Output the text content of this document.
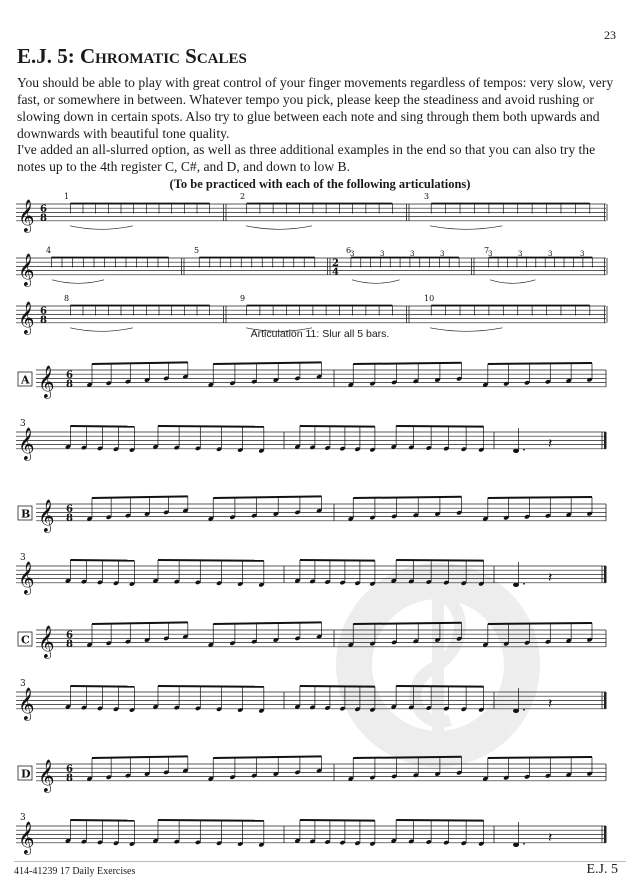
23
E.J. 5: Chromatic Scales
You should be able to play with great control of your finger movements regardless of tempos: very slow, very fast, or somewhere in between. Whatever tempo you pick, please keep the steadiness and avoid rushing or slowing down in certain spots. Also try to glue between each note and sing through them both upwards and downwards with beautiful tone quality.
I've added an all-slurred option, as well as three additional examples in the end so that you can also try the notes up to the 4th register C, C#, and D, and down to low B.
(To be practiced with each of the following articulations)
Articulation 11: Slur all 5 bars.
𝄞 6
8
1	2	3
𝄞
4	5	6	7
2
4
3	3	3	3	3	3	3	3
𝄞 6
8
8	9	10
A 𝄞 6
8
3
𝄞	𝄽
B 𝄞 6
8
3
𝄞	𝄽
C 𝄞 6
8
3
𝄞	𝄽
D 𝄞 6
8
3
𝄞	𝄽
414-41239 17 Daily Exercises	E.J. 5
